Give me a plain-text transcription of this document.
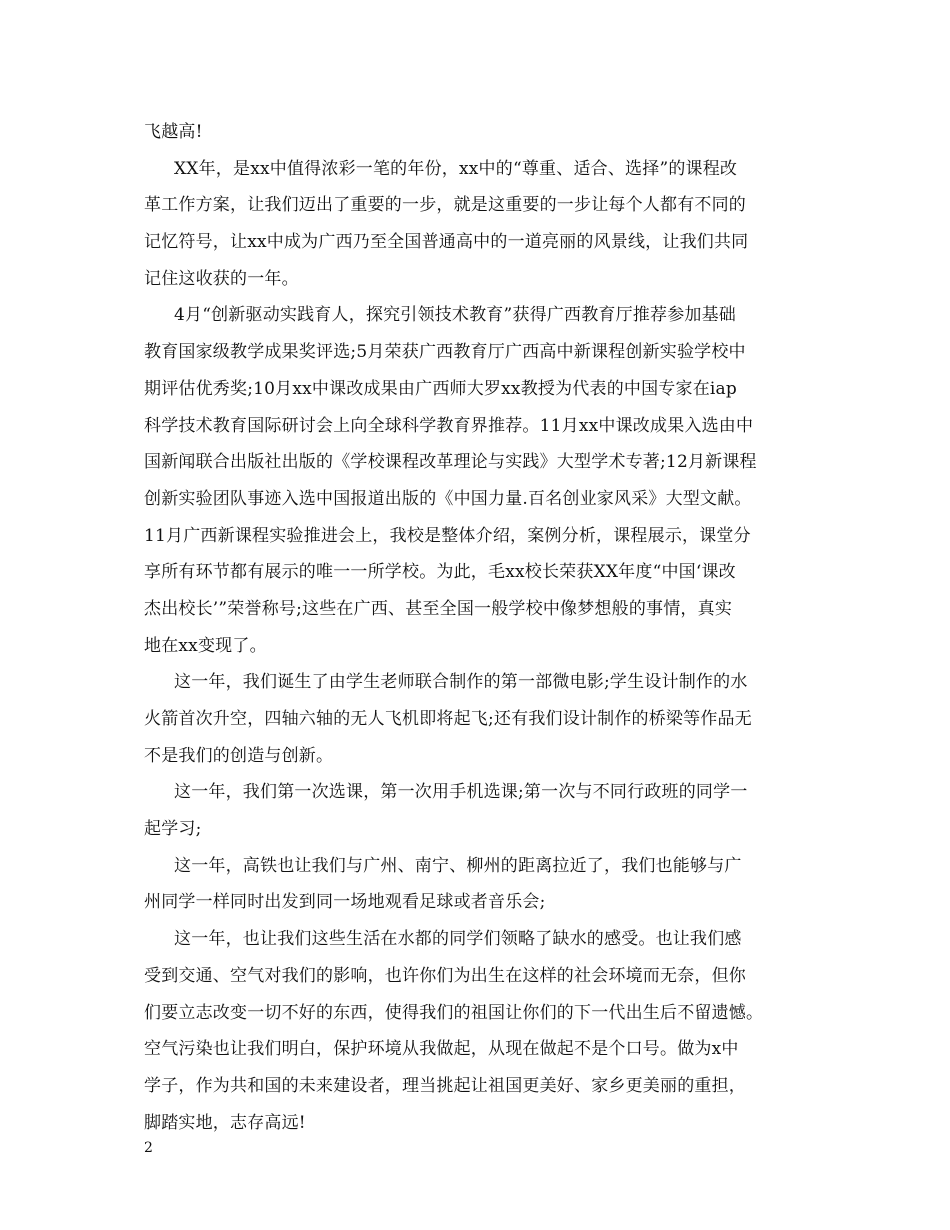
飞越高!
XX年，是xx中值得浓彩一笔的年份，xx中的“尊重、适合、选择”的课程改
革工作方案，让我们迈出了重要的一步，就是这重要的一步让每个人都有不同的
记忆符号，让xx中成为广西乃至全国普通高中的一道亮丽的风景线，让我们共同
记住这收获的一年。
4月“创新驱动实践育人，探究引领技术教育”获得广西教育厅推荐参加基础
教育国家级教学成果奖评选;5月荣获广西教育厅广西高中新课程创新实验学校中
期评估优秀奖;10月xx中课改成果由广西师大罗xx教授为代表的中国专家在iap
科学技术教育国际研讨会上向全球科学教育界推荐。11月xx中课改成果入选由中
国新闻联合出版社出版的《学校课程改革理论与实践》大型学术专著;12月新课程
创新实验团队事迹入选中国报道出版的《中国力量.百名创业家风采》大型文献。
11月广西新课程实验推进会上，我校是整体介绍，案例分析，课程展示，课堂分
享所有环节都有展示的唯一一所学校。为此，毛xx校长荣获XX年度“中国‘课改
杰出校长’”荣誉称号;这些在广西、甚至全国一般学校中像梦想般的事情，真实
地在xx变现了。
这一年，我们诞生了由学生老师联合制作的第一部微电影;学生设计制作的水
火箭首次升空，四轴六轴的无人飞机即将起飞;还有我们设计制作的桥梁等作品无
不是我们的创造与创新。
这一年，我们第一次选课，第一次用手机选课;第一次与不同行政班的同学一
起学习;
这一年，高铁也让我们与广州、南宁、柳州的距离拉近了，我们也能够与广
州同学一样同时出发到同一场地观看足球或者音乐会;
这一年，也让我们这些生活在水都的同学们领略了缺水的感受。也让我们感
受到交通、空气对我们的影响，也许你们为出生在这样的社会环境而无奈，但你
们要立志改变一切不好的东西，使得我们的祖国让你们的下一代出生后不留遗憾。
空气污染也让我们明白，保护环境从我做起，从现在做起不是个口号。做为x中
学子，作为共和国的未来建设者，理当挑起让祖国更美好、家乡更美丽的重担，
脚踏实地，志存高远!
2
